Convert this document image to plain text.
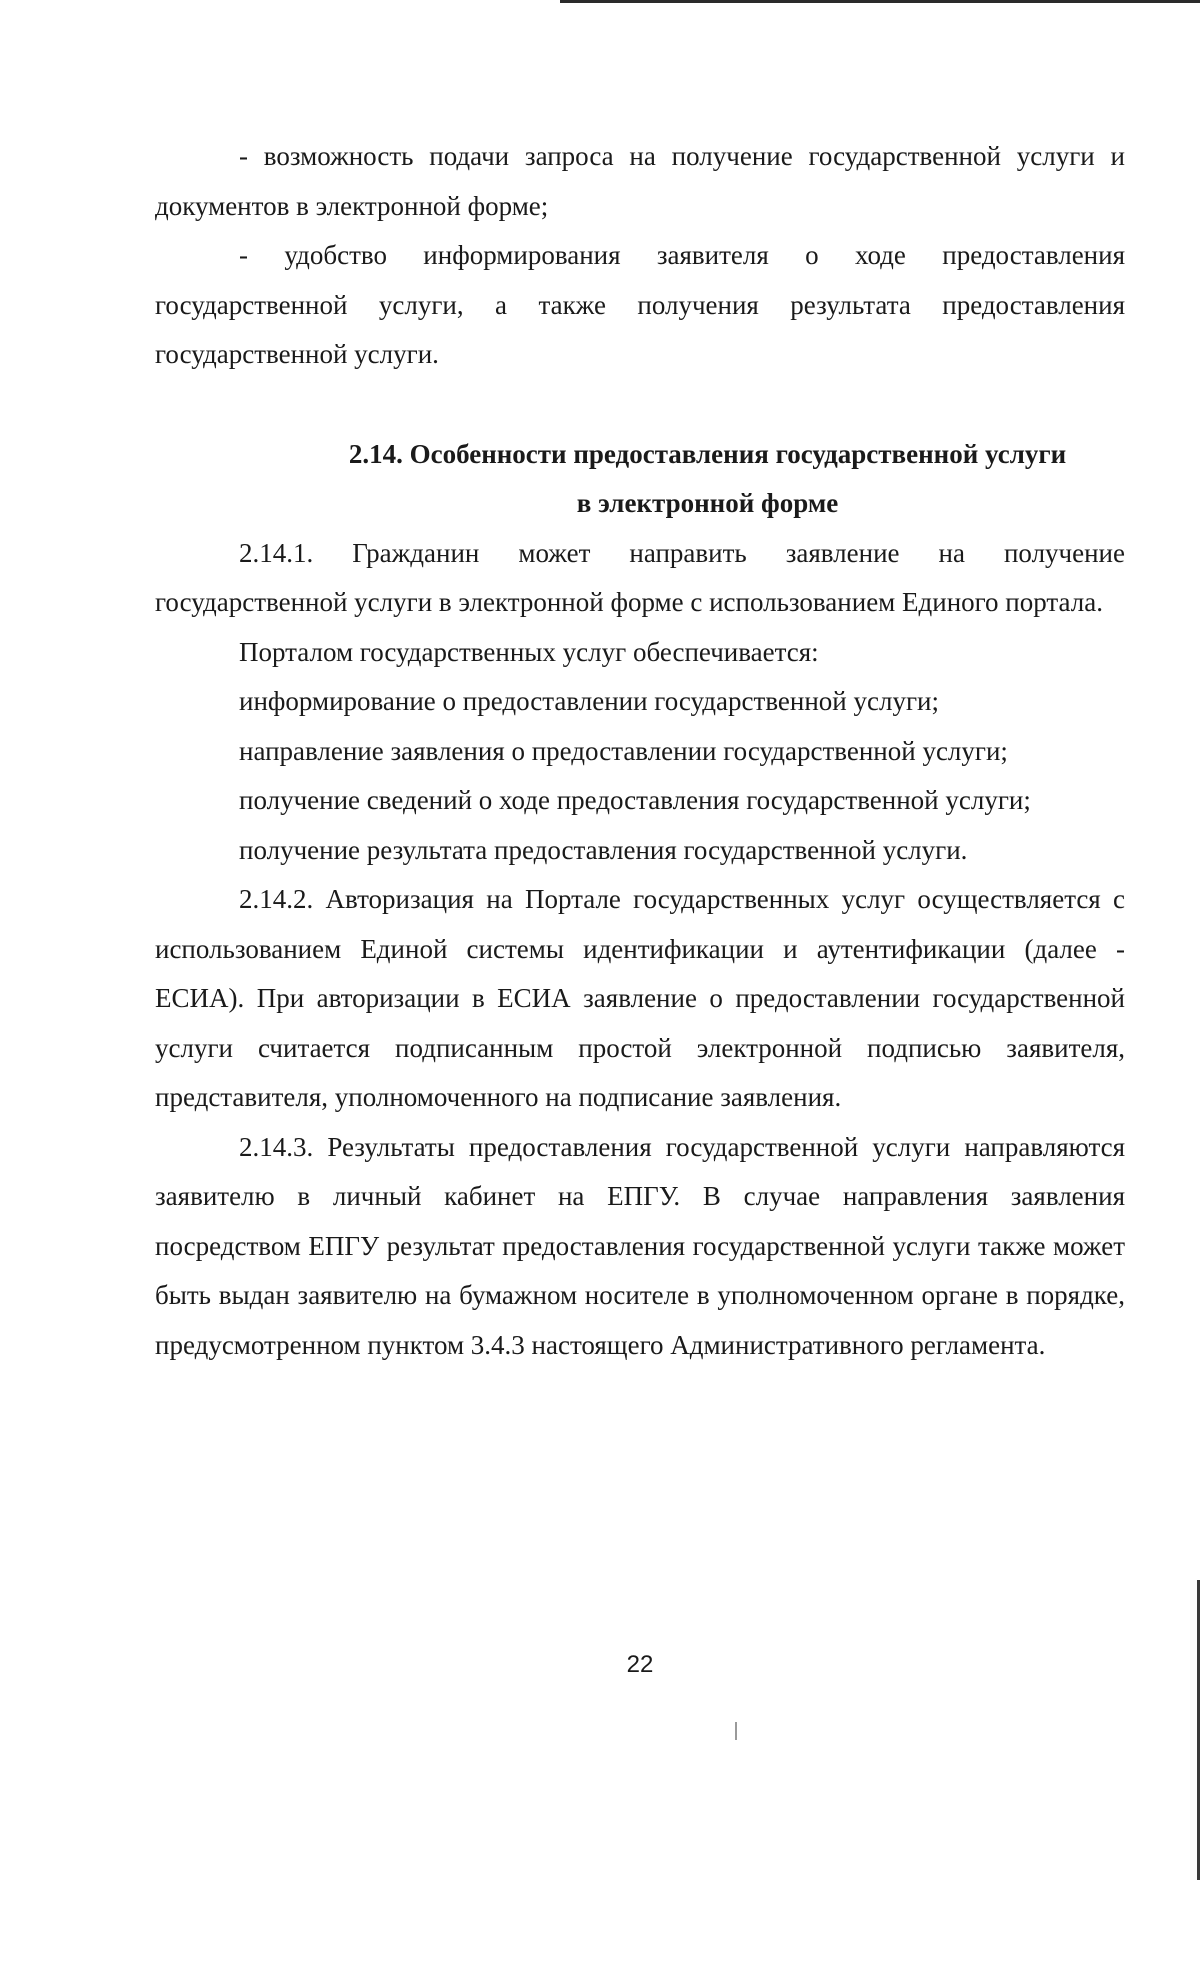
- возможность подачи запроса на получение государственной услуги и документов в электронной форме;

- удобство информирования заявителя о ходе предоставления государственной услуги, а также получения результата предоставления государственной услуги.

2.14. Особенности предоставления государственной услуги

в электронной форме

2.14.1. Гражданин может направить заявление на получение государственной услуги в электронной форме с использованием Единого портала.

Порталом государственных услуг обеспечивается:

информирование о предоставлении государственной услуги;

направление заявления о предоставлении государственной услуги;

получение сведений о ходе предоставления государственной услуги;

получение результата предоставления государственной услуги.

2.14.2. Авторизация на Портале государственных услуг осуществляется с использованием Единой системы идентификации и аутентификации (далее - ЕСИА). При авторизации в ЕСИА заявление о предоставлении государственной услуги считается подписанным простой электронной подписью заявителя, представителя, уполномоченного на подписание заявления.

2.14.3. Результаты предоставления государственной услуги направляются заявителю в личный кабинет на ЕПГУ. В случае направления заявления посредством ЕПГУ результат предоставления государственной услуги также может быть выдан заявителю на бумажном носителе в уполномоченном органе в порядке, предусмотренном пунктом 3.4.3 настоящего Административного регламента.

22
